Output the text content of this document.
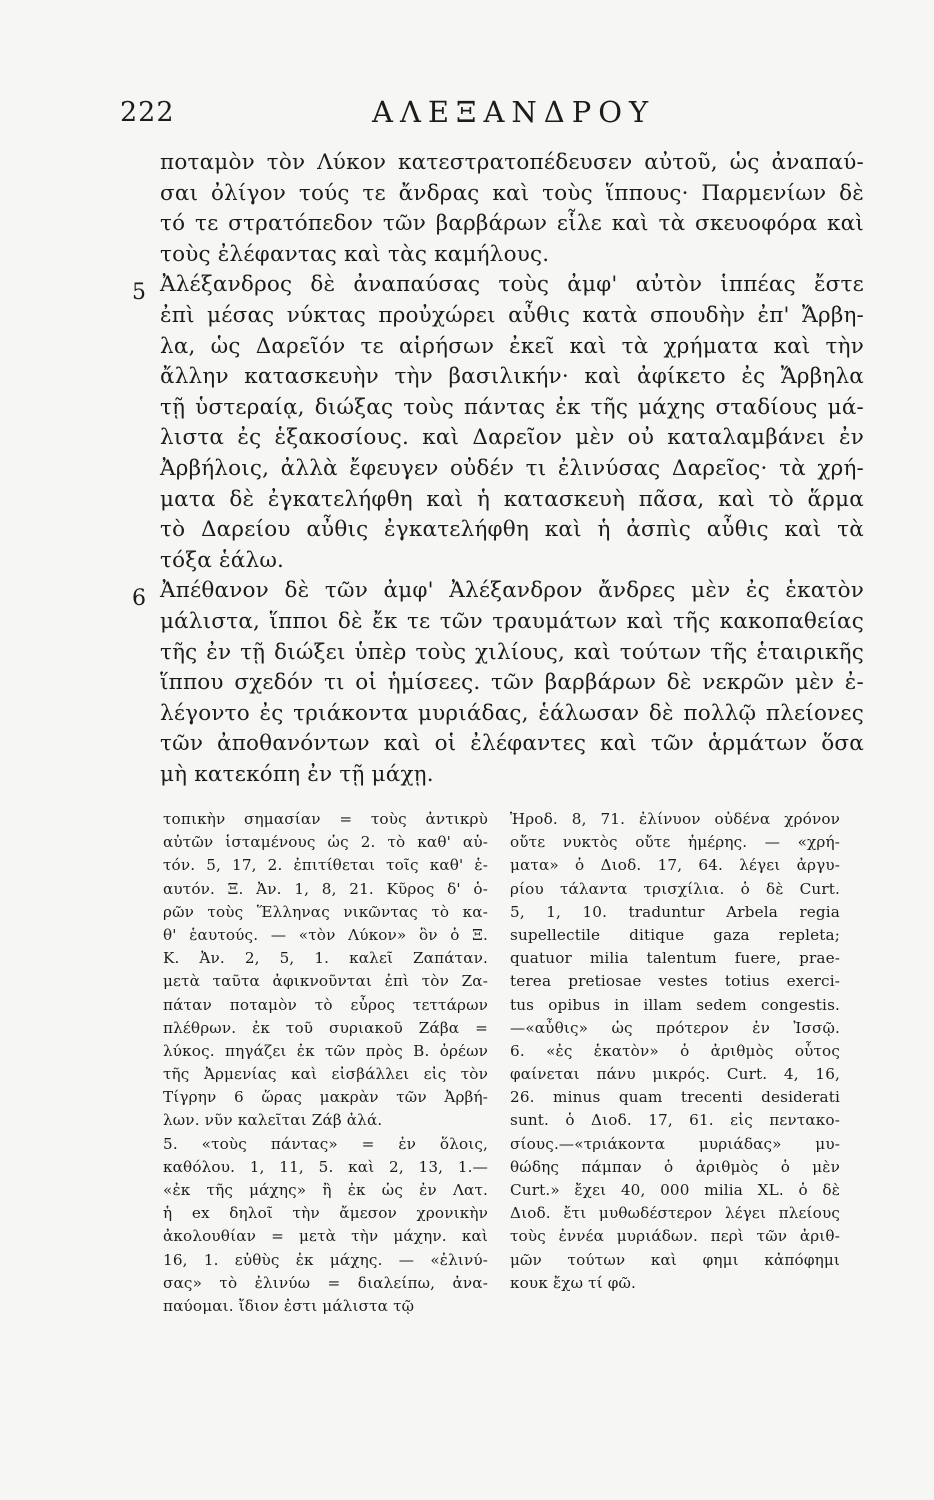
222	ΑΛΕΞΑΝΔΡΟΥ
ποταμὸν τὸν Λύκον κατεστρατοπέδευσεν αὐτοῦ, ὡς ἀναπαύ-
σαι ὀλίγον τούς τε ἄνδρας καὶ τοὺς ἵππους· Παρμενίων δὲ
τό τε στρατόπεδον τῶν βαρβάρων εἷλε καὶ τὰ σκευοφόρα καὶ
τοὺς ἐλέφαντας καὶ τὰς καμήλους.
Ἀλέξανδρος δὲ ἀναπαύσας τοὺς ἀμφ' αὐτὸν ἱππέας ἔστε
5
ἐπὶ μέσας νύκτας προὐχώρει αὖθις κατὰ σπουδὴν ἐπ' Ἄρβη-
λα, ὡς Δαρεῖόν τε αἱρήσων ἐκεῖ καὶ τὰ χρήματα καὶ τὴν
ἄλλην κατασκευὴν τὴν βασιλικήν· καὶ ἀφίκετο ἐς Ἄρβηλα
τῇ ὑστεραίᾳ, διώξας τοὺς πάντας ἐκ τῆς μάχης σταδίους μά-
λιστα ἐς ἑξακοσίους. καὶ Δαρεῖον μὲν οὐ καταλαμβάνει ἐν
Ἀρβήλοις, ἀλλὰ ἔφευγεν οὐδέν τι ἐλινύσας Δαρεῖος· τὰ χρή-
ματα δὲ ἐγκατελήφθη καὶ ἡ κατασκευὴ πᾶσα, καὶ τὸ ἅρμα
τὸ Δαρείου αὖθις ἐγκατελήφθη καὶ ἡ ἀσπὶς αὖθις καὶ τὰ
τόξα ἑάλω.
Ἀπέθανον δὲ τῶν ἀμφ' Ἀλέξανδρον ἄνδρες μὲν ἐς ἑκατὸν
6
μάλιστα, ἵπποι δὲ ἔκ τε τῶν τραυμάτων καὶ τῆς κακοπαθείας
τῆς ἐν τῇ διώξει ὑπὲρ τοὺς χιλίους, καὶ τούτων τῆς ἑταιρικῆς
ἵππου σχεδόν τι οἱ ἡμίσεες. τῶν βαρβάρων δὲ νεκρῶν μὲν ἐ-
λέγοντο ἐς τριάκοντα μυριάδας, ἑάλωσαν δὲ πολλῷ πλείονες
τῶν ἀποθανόντων καὶ οἱ ἐλέφαντες καὶ τῶν ἁρμάτων ὅσα
μὴ κατεκόπη ἐν τῇ μάχῃ.
τοπικὴν σημασίαν = τοὺς ἀντικρὺ
αὐτῶν ἱσταμένους ὡς 2. τὸ καθ' αὑ-
τόν. 5, 17, 2. ἐπιτίθεται τοῖς καθ' ἑ-
αυτόν. Ξ. Ἀν. 1, 8, 21. Κῦρος δ' ὁ-
ρῶν τοὺς Ἕλληνας νικῶντας τὸ κα-
θ' ἑαυτούς. — «τὸν Λύκον» ὃν ὁ Ξ.
Κ. Ἀν. 2, 5, 1. καλεῖ Ζαπάταν.
μετὰ ταῦτα ἀφικνοῦνται ἐπὶ τὸν Ζα-
πάταν ποταμὸν τὸ εὖρος τεττάρων
πλέθρων. ἐκ τοῦ συριακοῦ Ζάβα =
λύκος. πηγάζει ἐκ τῶν πρὸς Β. ὀρέων
τῆς Ἀρμενίας καὶ εἰσβάλλει εἰς τὸν
Τίγρην 6 ὥρας μακρὰν τῶν Ἀρβή-
λων. νῦν καλεῖται Ζάβ ἀλά.
5. «τοὺς πάντας» = ἐν ὅλοις,
καθόλου. 1, 11, 5. καὶ 2, 13, 1.—
«ἐκ τῆς μάχης» ἢ ἐκ ὡς ἐν Λατ.
ἡ ex δηλοῖ τὴν ἄμεσον χρονικὴν
ἀκολουθίαν = μετὰ τὴν μάχην. καὶ
16, 1. εὐθὺς ἐκ μάχης. — «ἐλινύ-
σας» τὸ ἐλινύω = διαλείπω, ἀνα-
παύομαι. ἴδιον ἐστι μάλιστα τῷ
Ἡροδ. 8, 71. ἐλίνυον οὐδένα χρόνον
οὔτε νυκτὸς οὔτε ἡμέρης. — «χρή-
ματα» ὁ Διοδ. 17, 64. λέγει ἀργυ-
ρίου τάλαντα τρισχίλια. ὁ δὲ Curt.
5, 1, 10. traduntur Arbela regia
supellectile ditique gaza repleta;
quatuor milia talentum fuere, prae-
terea pretiosae vestes totius exerci-
tus opibus in illam sedem congestis.
—«αὖθις» ὡς πρότερον ἐν Ἰσσῷ.
6. «ἐς ἑκατὸν» ὁ ἀριθμὸς οὗτος
φαίνεται πάνυ μικρός. Curt. 4, 16,
26. minus quam trecenti desiderati
sunt. ὁ Διοδ. 17, 61. εἰς πεντακο-
σίους.—«τριάκοντα μυριάδας» μυ-
θώδης πάμπαν ὁ ἀριθμὸς ὁ μὲν
Curt.» ἔχει 40, 000 milia XL. ὁ δὲ
Διοδ. ἔτι μυθωδέστερον λέγει πλείους
τοὺς ἐννέα μυριάδων. περὶ τῶν ἀριθ-
μῶν τούτων καὶ φημι κἀπόφημι
κουκ ἔχω τί φῶ.
